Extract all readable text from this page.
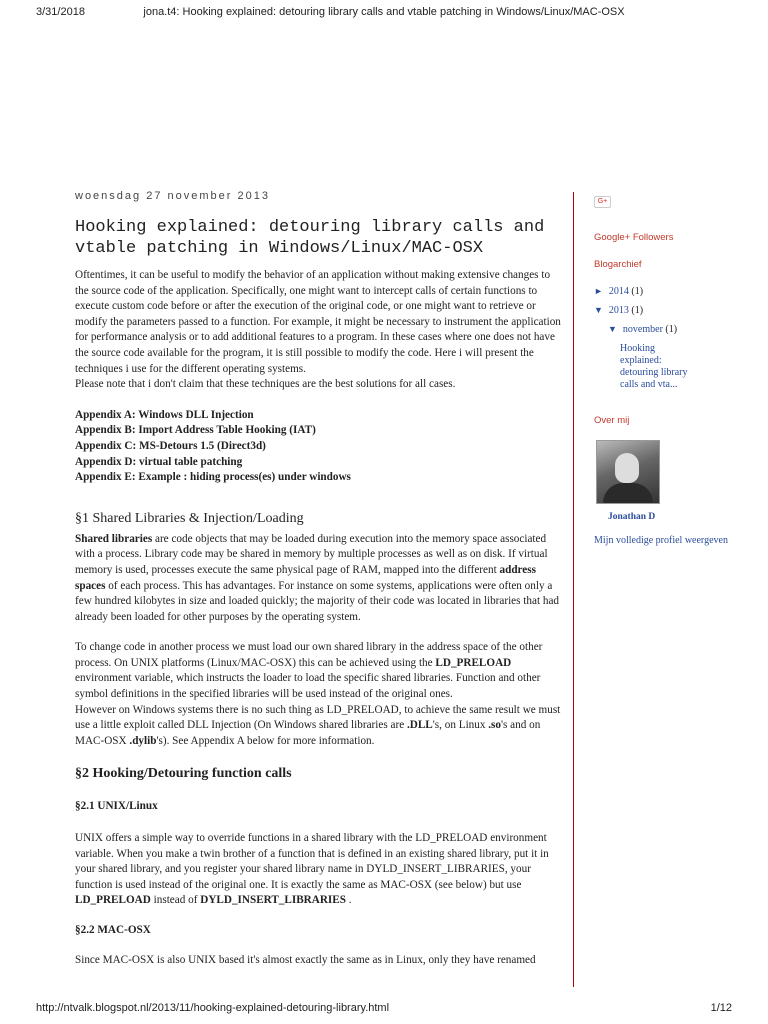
3/31/2018	jona.t4: Hooking explained: detouring library calls and vtable patching in Windows/Linux/MAC-OSX
woensdag 27 november 2013
Hooking explained: detouring library calls and vtable patching in Windows/Linux/MAC-OSX

Oftentimes, it can be useful to modify the behavior of an application without making extensive changes to the source code of the application. Specifically, one might want to intercept calls of certain functions to execute custom code before or after the execution of the original code, or one might want to retrieve or modify the parameters passed to a function. For example, it might be necessary to instrument the application for performance analysis or to add additional features to a program. In these cases where one does not have the source code available for the program, it is still possible to modify the code. Here i will present the techniques i use for the different operating systems.

Please note that i don't claim that these techniques are the best solutions for all cases.

Appendix A: Windows DLL Injection

Appendix B: Import Address Table Hooking (IAT)

Appendix C: MS-Detours 1.5 (Direct3d)

Appendix D: virtual table patching

Appendix E: Example : hiding process(es) under windows

§1 Shared Libraries & Injection/Loading

Shared libraries are code objects that may be loaded during execution into the memory space associated with a process. Library code may be shared in memory by multiple processes as well as on disk. If virtual memory is used, processes execute the same physical page of RAM, mapped into the different address spaces of each process. This has advantages. For instance on some systems, applications were often only a few hundred kilobytes in size and loaded quickly; the majority of their code was located in libraries that had already been loaded for other purposes by the operating system.

To change code in another process we must load our own shared library in the address space of the other process. On UNIX platforms (Linux/MAC-OSX) this can be achieved using the LD_PRELOAD environment variable, which instructs the loader to load the specific shared libraries. Function and other symbol definitions in the specified libraries will be used instead of the original ones.

However on Windows systems there is no such thing as LD_PRELOAD, to achieve the same result we must use a little exploit called DLL Injection (On Windows shared libraries are .DLL's, on Linux .so's and on MAC-OSX .dylib's). See Appendix A below for more information.

§2 Hooking/Detouring function calls

§2.1 UNIX/Linux

UNIX offers a simple way to override functions in a shared library with the LD_PRELOAD environment variable. When you make a twin brother of a function that is defined in an existing shared library, put it in your shared library, and you register your shared library name in DYLD_INSERT_LIBRARIES, your function is used instead of the original one. It is exactly the same as MAC-OSX (see below) but use LD_PRELOAD instead of DYLD_INSERT_LIBRARIES .

§2.2 MAC-OSX

Since MAC-OSX is also UNIX based it's almost exactly the same as in Linux, only they have renamed

G+

Google+ Followers

Blogarchief

► 2014 (1)
▼ 2013 (1)
▼ november (1)
Hooking explained: detouring library calls and vta...

Over mij

Jonathan D

Mijn volledige profiel weergeven
http://ntvalk.blogspot.nl/2013/11/hooking-explained-detouring-library.html	1/12
